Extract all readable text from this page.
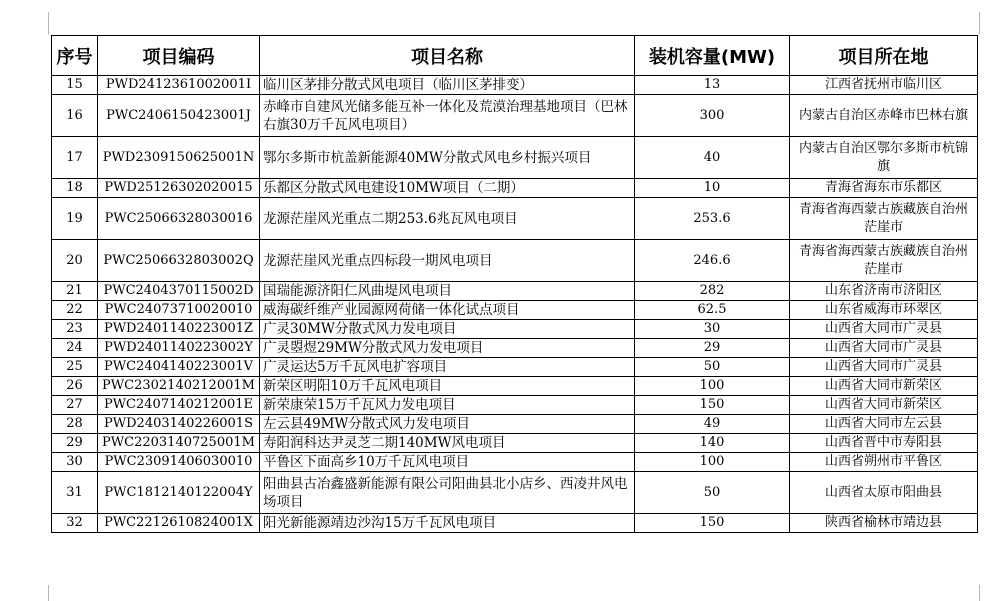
序号	项目编码	项目名称	装机容量(MW)	项目所在地
15	PWD2412361002001I	临川区茅排分散式风电项目（临川区茅排变）	13	江西省抚州市临川区
16	PWC2406150423001J	赤峰市自建风光储多能互补一体化及荒漠治理基地项目（巴林右旗30万千瓦风电项目）	300	内蒙古自治区赤峰市巴林右旗
17	PWD2309150625001N	鄂尔多斯市杭盖新能源40MW分散式风电乡村振兴项目	40	内蒙古自治区鄂尔多斯市杭锦旗
18	PWD25126302020015	乐都区分散式风电建设10MW项目（二期）	10	青海省海东市乐都区
19	PWC25066328030016	龙源茫崖风光重点二期253.6兆瓦风电项目	253.6	青海省海西蒙古族藏族自治州茫崖市
20	PWC2506632803002Q	龙源茫崖风光重点四标段一期风电项目	246.6	青海省海西蒙古族藏族自治州茫崖市
21	PWC2404370115002D	国瑞能源济阳仁风曲堤风电项目	282	山东省济南市济阳区
22	PWC24073710020010	威海碳纤维产业园源网荷储一体化试点项目	62.5	山东省威海市环翠区
23	PWD2401140223001Z	广灵30MW分散式风力发电项目	30	山西省大同市广灵县
24	PWD2401140223002Y	广灵曌煜29MW分散式风力发电项目	29	山西省大同市广灵县
25	PWC2404140223001V	广灵运达5万千瓦风电扩容项目	50	山西省大同市广灵县
26	PWC2302140212001M	新荣区明阳10万千瓦风电项目	100	山西省大同市新荣区
27	PWC2407140212001E	新荣康荣15万千瓦风力发电项目	150	山西省大同市新荣区
28	PWD2403140226001S	左云县49MW分散式风力发电项目	49	山西省大同市左云县
29	PWC2203140725001M	寿阳润科达尹灵芝二期140MW风电项目	140	山西省晋中市寿阳县
30	PWC23091406030010	平鲁区下面高乡10万千瓦风电项目	100	山西省朔州市平鲁区
31	PWC1812140122004Y	阳曲县古冶鑫盛新能源有限公司阳曲县北小店乡、西凌井风电场项目	50	山西省太原市阳曲县
32	PWC2212610824001X	阳光新能源靖边沙沟15万千瓦风电项目	150	陕西省榆林市靖边县
